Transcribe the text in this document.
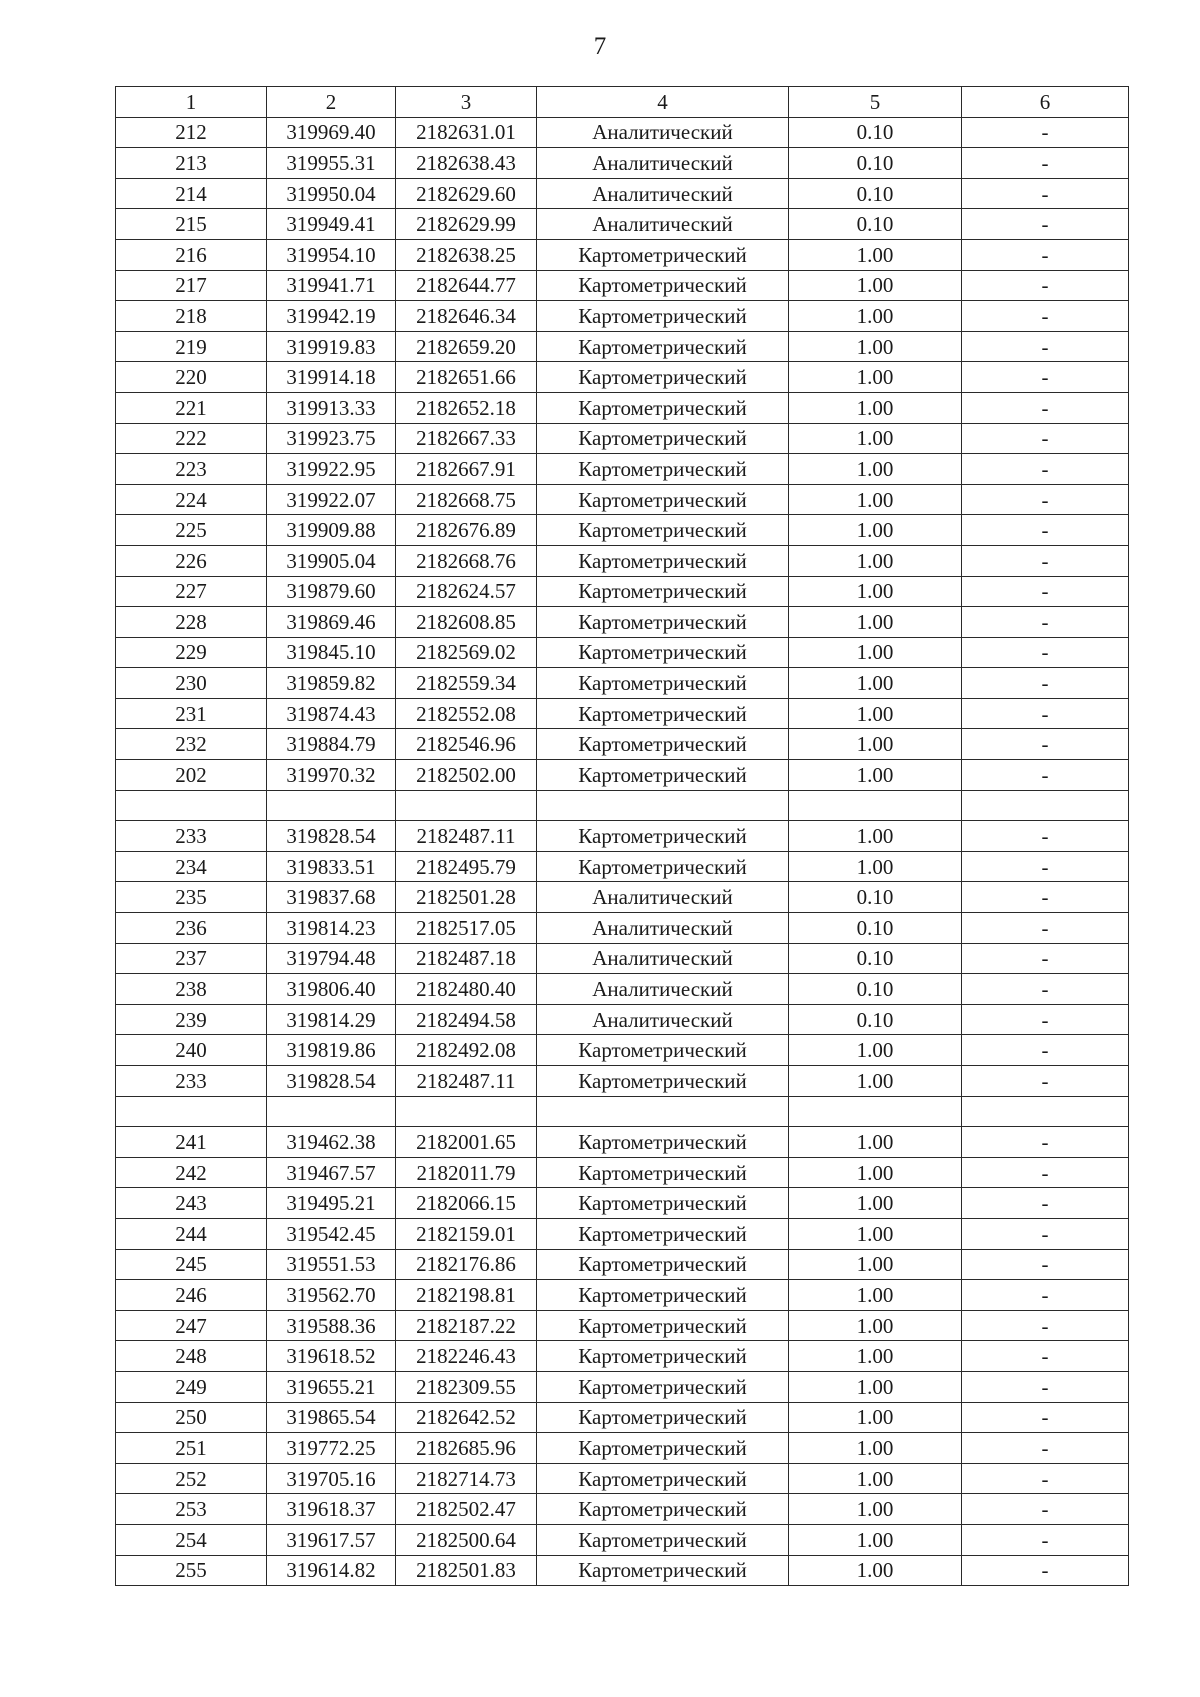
7
1	2	3	4	5	6
212	319969.40	2182631.01	Аналитический	0.10	-
213	319955.31	2182638.43	Аналитический	0.10	-
214	319950.04	2182629.60	Аналитический	0.10	-
215	319949.41	2182629.99	Аналитический	0.10	-
216	319954.10	2182638.25	Картометрический	1.00	-
217	319941.71	2182644.77	Картометрический	1.00	-
218	319942.19	2182646.34	Картометрический	1.00	-
219	319919.83	2182659.20	Картометрический	1.00	-
220	319914.18	2182651.66	Картометрический	1.00	-
221	319913.33	2182652.18	Картометрический	1.00	-
222	319923.75	2182667.33	Картометрический	1.00	-
223	319922.95	2182667.91	Картометрический	1.00	-
224	319922.07	2182668.75	Картометрический	1.00	-
225	319909.88	2182676.89	Картометрический	1.00	-
226	319905.04	2182668.76	Картометрический	1.00	-
227	319879.60	2182624.57	Картометрический	1.00	-
228	319869.46	2182608.85	Картометрический	1.00	-
229	319845.10	2182569.02	Картометрический	1.00	-
230	319859.82	2182559.34	Картометрический	1.00	-
231	319874.43	2182552.08	Картометрический	1.00	-
232	319884.79	2182546.96	Картометрический	1.00	-
202	319970.32	2182502.00	Картометрический	1.00	-

233	319828.54	2182487.11	Картометрический	1.00	-
234	319833.51	2182495.79	Картометрический	1.00	-
235	319837.68	2182501.28	Аналитический	0.10	-
236	319814.23	2182517.05	Аналитический	0.10	-
237	319794.48	2182487.18	Аналитический	0.10	-
238	319806.40	2182480.40	Аналитический	0.10	-
239	319814.29	2182494.58	Аналитический	0.10	-
240	319819.86	2182492.08	Картометрический	1.00	-
233	319828.54	2182487.11	Картометрический	1.00	-

241	319462.38	2182001.65	Картометрический	1.00	-
242	319467.57	2182011.79	Картометрический	1.00	-
243	319495.21	2182066.15	Картометрический	1.00	-
244	319542.45	2182159.01	Картометрический	1.00	-
245	319551.53	2182176.86	Картометрический	1.00	-
246	319562.70	2182198.81	Картометрический	1.00	-
247	319588.36	2182187.22	Картометрический	1.00	-
248	319618.52	2182246.43	Картометрический	1.00	-
249	319655.21	2182309.55	Картометрический	1.00	-
250	319865.54	2182642.52	Картометрический	1.00	-
251	319772.25	2182685.96	Картометрический	1.00	-
252	319705.16	2182714.73	Картометрический	1.00	-
253	319618.37	2182502.47	Картометрический	1.00	-
254	319617.57	2182500.64	Картометрический	1.00	-
255	319614.82	2182501.83	Картометрический	1.00	-
